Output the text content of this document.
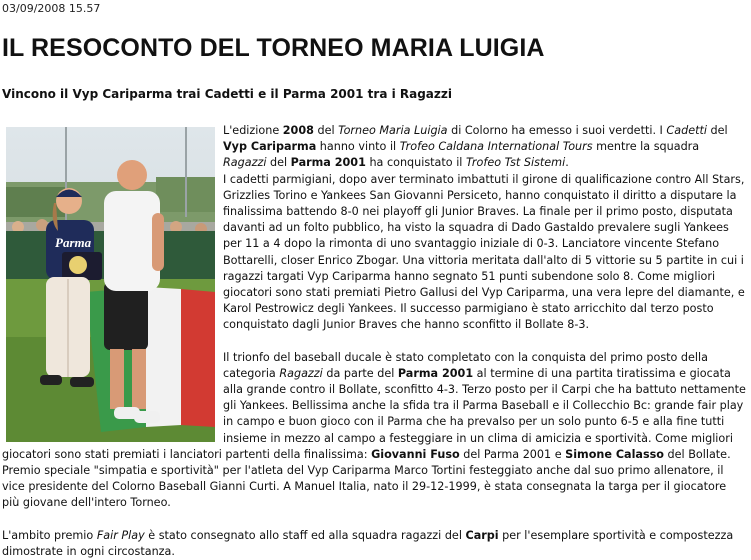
03/09/2008 15.57
IL RESOCONTO DEL TORNEO MARIA LUIGIA
Vincono il Vyp Cariparma trai Cadetti e il Parma 2001 tra i Ragazzi
Parma

L'edizione 2008 del Torneo Maria Luigia di Colorno ha emesso i suoi verdetti. I Cadetti del Vyp Cariparma hanno vinto il Trofeo Caldana International Tours mentre la squadra Ragazzi del Parma 2001 ha conquistato il Trofeo Tst Sistemi.
I cadetti parmigiani, dopo aver terminato imbattuti il girone di qualificazione contro All Stars, Grizzlies Torino e Yankees San Giovanni Persiceto, hanno conquistato il diritto a disputare la finalissima battendo 8-0 nei playoff gli Junior Braves. La finale per il primo posto, disputata davanti ad un folto pubblico, ha visto la squadra di Dado Gastaldo prevalere sugli Yankees per 11 a 4 dopo la rimonta di uno svantaggio iniziale di 0-3. Lanciatore vincente Stefano Bottarelli, closer Enrico Zbogar. Una vittoria meritata dall'alto di 5 vittorie su 5 partite in cui i ragazzi targati Vyp Cariparma hanno segnato 51 punti subendone solo 8. Come migliori giocatori sono stati premiati Pietro Gallusi del Vyp Cariparma, una vera lepre del diamante, e Karol Pestrowicz degli Yankees. Il successo parmigiano è stato arricchito dal terzo posto conquistato dagli Junior Braves che hanno sconfitto il Bollate 8-3.

Il trionfo del baseball ducale è stato completato con la conquista del primo posto della categoria Ragazzi da parte del Parma 2001 al termine di una partita tiratissima e giocata alla grande contro il Bollate, sconfitto 4-3. Terzo posto per il Carpi che ha battuto nettamente gli Yankees. Bellissima anche la sfida tra il Parma Baseball e il Collecchio Bc: grande fair play in campo e buon gioco con il Parma che ha prevalso per un solo punto 6-5 e alla fine tutti insieme in mezzo al campo a festeggiare in un clima di amicizia e sportività. Come migliori giocatori sono stati premiati i lanciatori partenti della finalissima: Giovanni Fuso del Parma 2001 e Simone Calasso del Bollate. Premio speciale "simpatia e sportività" per l'atleta del Vyp Cariparma Marco Tortini festeggiato anche dal suo primo allenatore, il vice presidente del Colorno Baseball Gianni Curti. A Manuel Italia, nato il 29-12-1999, è stata consegnata la targa per il giocatore più giovane dell'intero Torneo.

L'ambito premio Fair Play è stato consegnato allo staff ed alla squadra ragazzi del Carpi per l'esemplare sportività e compostezza dimostrate in ogni circostanza.
